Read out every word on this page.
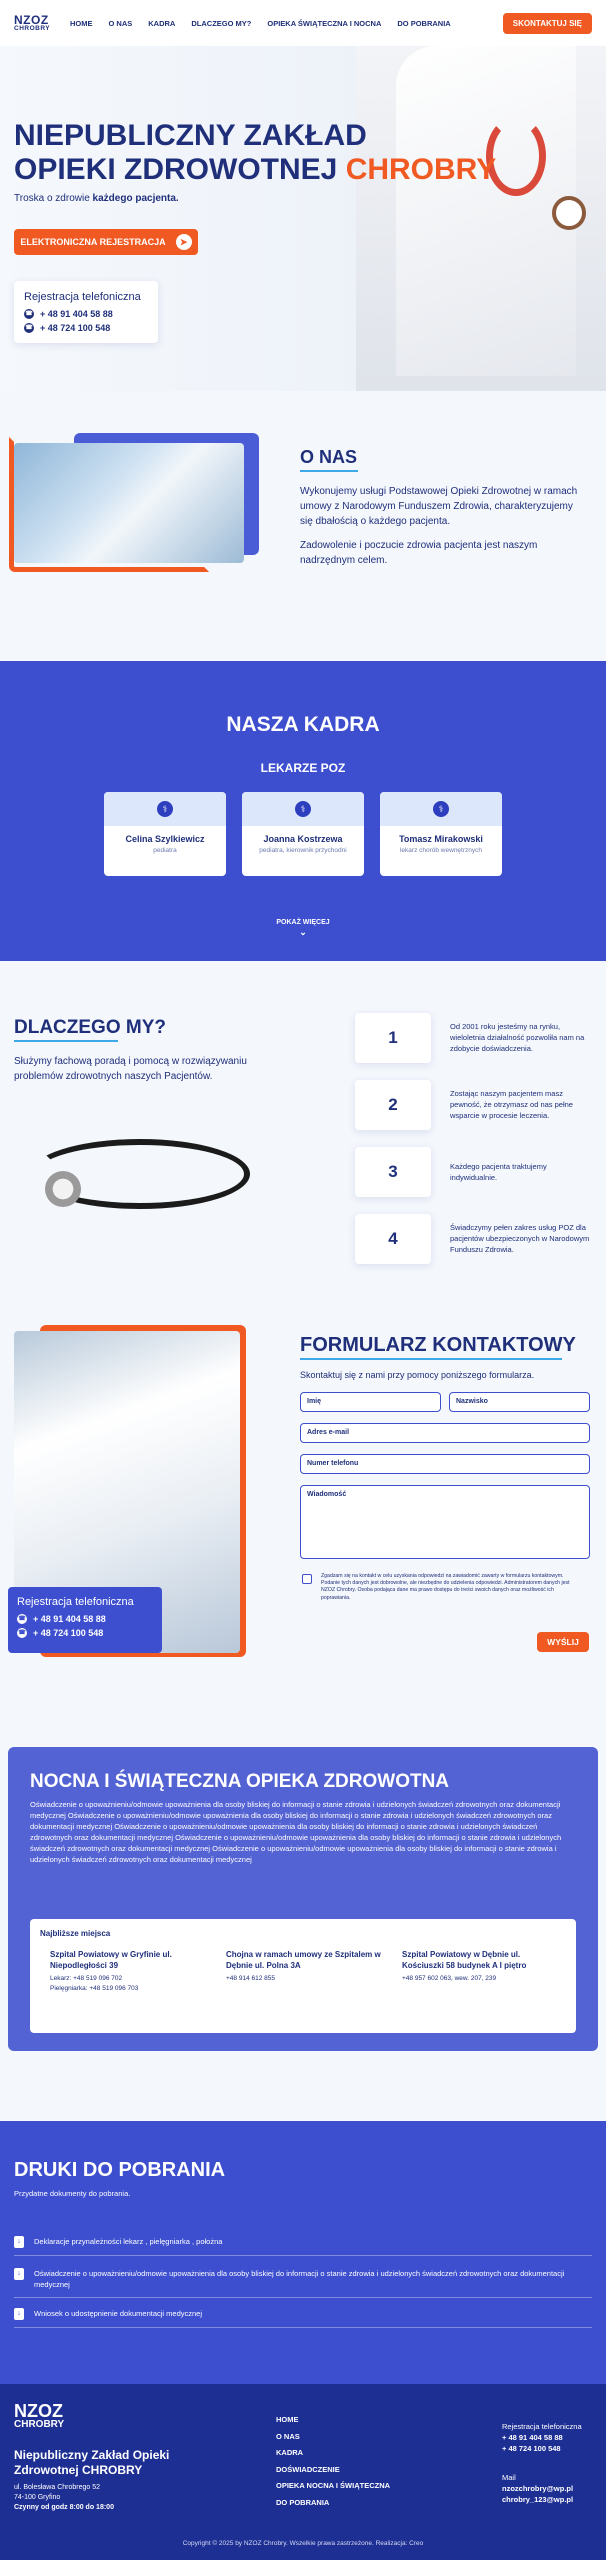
NZOZ
CHROBRY
HOME O NAS KADRA DLACZEGO MY? OPIEKA ŚWIĄTECZNA I NOCNA DO POBRANIA	SKONTAKTUJ SIĘ
NIEPUBLICZNY ZAKŁAD
OPIEKI ZDROWOTNEJ CHROBRY
Troska o zdrowie każdego pacjenta.
ELEKTRONICZNA REJESTRACJA	➤
Rejestracja telefoniczna
☎ + 48 91 404 58 88
☎ + 48 724 100 548
O NAS

Wykonujemy usługi Podstawowej Opieki Zdrowotnej w ramach umowy z Narodowym Funduszem Zdrowia, charakteryzujemy się dbałością o każdego pacjenta.

Zadowolenie i poczucie zdrowia pacjenta jest naszym nadrzędnym celem.

NASZA KADRA
LEKARZE POZ
⚕
Celina Szylkiewicz
pediatra
⚕
Joanna Kostrzewa
pediatra, kierownik przychodni
⚕
Tomasz Mirakowski
lekarz chorób wewnętrznych
POKAŻ WIĘCEJ
⌄
DLACZEGO MY?
Służymy fachową poradą i pomocą w rozwiązywaniu problemów zdrowotnych naszych Pacjentów.
1
Od 2001 roku jesteśmy na rynku, wieloletnia działalność pozwoliła nam na zdobycie doświadczenia.
2
Zostając naszym pacjentem masz pewność, że otrzymasz od nas pełne wsparcie w procesie leczenia.
3	Każdego pacjenta traktujemy indywidualnie.
4
Świadczymy pełen zakres usług POZ dla pacjentów ubezpieczonych w Narodowym Funduszu Zdrowia.
Rejestracja telefoniczna
☎ + 48 91 404 58 88
☎ + 48 724 100 548
FORMULARZ KONTAKTOWY
Skontaktuj się z nami przy pomocy poniższego formularza.
Imię	Nazwisko
Adres e-mail
Numer telefonu
Wiadomość
Zgadzam się na kontakt w celu uzyskania odpowiedzi na zawiadomić zawarty w formularzu kontaktowym. Podanie tych danych jest dobrowolne, ale niezbędne do udzielenia odpowiedzi. Administratorem danych jest NZOZ Chrobry. Osoba podająca dane ma prawo dostępu do treści swoich danych oraz możliwość ich poprawiania.
WYŚLIJ
NOCNA I ŚWIĄTECZNA OPIEKA ZDROWOTNA
Oświadczenie o upoważnieniu/odmowie upoważnienia dla osoby bliskiej do informacji o stanie zdrowia i udzielonych świadczeń zdrowotnych oraz dokumentacji medycznej Oświadczenie o upoważnieniu/odmowie upoważnienia dla osoby bliskiej do informacji o stanie zdrowia i udzielonych świadczeń zdrowotnych oraz dokumentacji medycznej Oświadczenie o upoważnieniu/odmowie upoważnienia dla osoby bliskiej do informacji o stanie zdrowia i udzielonych świadczeń zdrowotnych oraz dokumentacji medycznej Oświadczenie o upoważnieniu/odmowie upoważnienia dla osoby bliskiej do informacji o stanie zdrowia i udzielonych świadczeń zdrowotnych oraz dokumentacji medycznej Oświadczenie o upoważnieniu/odmowie upoważnienia dla osoby bliskiej do informacji o stanie zdrowia i udzielonych świadczeń zdrowotnych oraz dokumentacji medycznej
Najbliższe miejsca
Szpital Powiatowy w Gryfinie ul. Niepodległości 39
Lekarz: +48 519 096 702
Pielęgniarka: +48 519 096 703
Chojna w ramach umowy ze Szpitalem w Dębnie ul. Polna 3A
+48 914 612 855
Szpital Powiatowy w Dębnie ul. Kościuszki 58 budynek A I piętro
+48 957 602 063, wew. 207, 239
DRUKI DO POBRANIA
Przydatne dokumenty do pobrania.
↓	Deklaracje przynależności lekarz , pielęgniarka , położna
↓	Oświadczenie o upoważnieniu/odmowie upoważnienia dla osoby bliskiej do informacji o stanie zdrowia i udzielonych świadczeń zdrowotnych oraz dokumentacji medycznej
↓	Wniosek o udostępnienie dokumentacji medycznej
NZOZ
CHROBRY
Niepubliczny Zakład Opieki
Zdrowotnej CHROBRY
ul. Bolesława Chrobrego 52
74-100 Gryfino
Czynny od godz 8:00 do 18:00
HOME
O NAS
KADRA
DOŚWIADCZENIE
OPIEKA NOCNA I ŚWIĄTECZNA
DO POBRANIA
Rejestracja telefoniczna
+ 48 91 404 58 88
+ 48 724 100 548
Mail
nzozchrobry@wp.pl
chrobry_123@wp.pl
Copyright © 2025 by NZOZ Chrobry. Wszelkie prawa zastrzeżone. Realizacja: Creo
